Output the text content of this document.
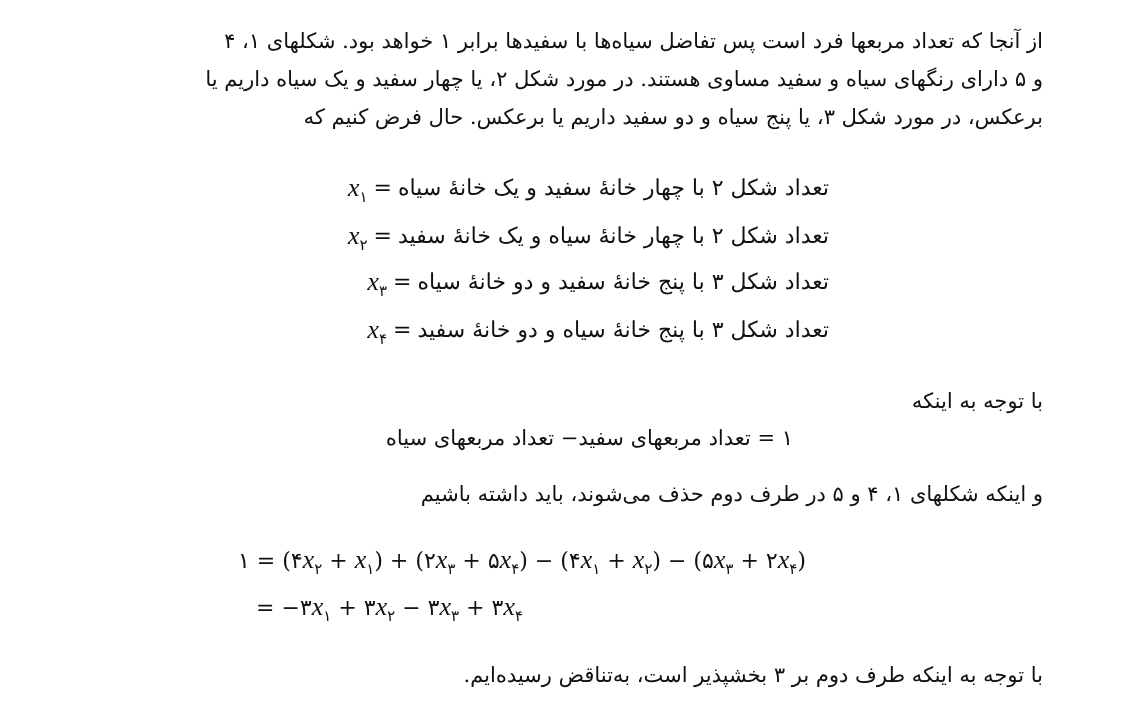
از آنجا که تعداد مربعها فرد است پس تفاضل سیاه‌ها با سفیدها برابر ۱ خواهد بود. شکلهای ۱، ۴
و ۵ دارای رنگهای سیاه و سفید مساوی هستند. در مورد شکل ۲، یا چهار سفید و یک سیاه داریم یا
برعکس، در مورد شکل ۳، یا پنج سیاه و دو سفید داریم یا برعکس. حال فرض کنیم که
تعداد شکل ۲ با چهار خانهٔ سفید و یک خانهٔ سیاه
=
$x_۱$
تعداد شکل ۲ با چهار خانهٔ سیاه و یک خانهٔ سفید
=
$x_۲$
تعداد شکل ۳ با پنج خانهٔ سفید و دو خانهٔ سیاه
=
$x_۳$
تعداد شکل ۳ با پنج خانهٔ سیاه و دو خانهٔ سفید
=
$x_۴$
با توجه به اینکه
۱ = تعداد مربعهای سفید− تعداد مربعهای سیاه
و اینکه شکلهای ۱، ۴ و ۵ در طرف دوم حذف می‌شوند، باید داشته باشیم
۱ = $(۴x_۲ + x_۱)$ + ($۲x_۳$ + $۵x_۴$) − $(۴x_۱ + x_۲)$ − ($۵x_۳$ + $۲x_۴$)
= $-۳x_۱$ + $۳x_۲$ − $۳x_۳$ + $۳x_۴$
با توجه به اینکه طرف دوم بر ۳ بخشپذیر است، به‌تناقض رسیده‌ایم.
